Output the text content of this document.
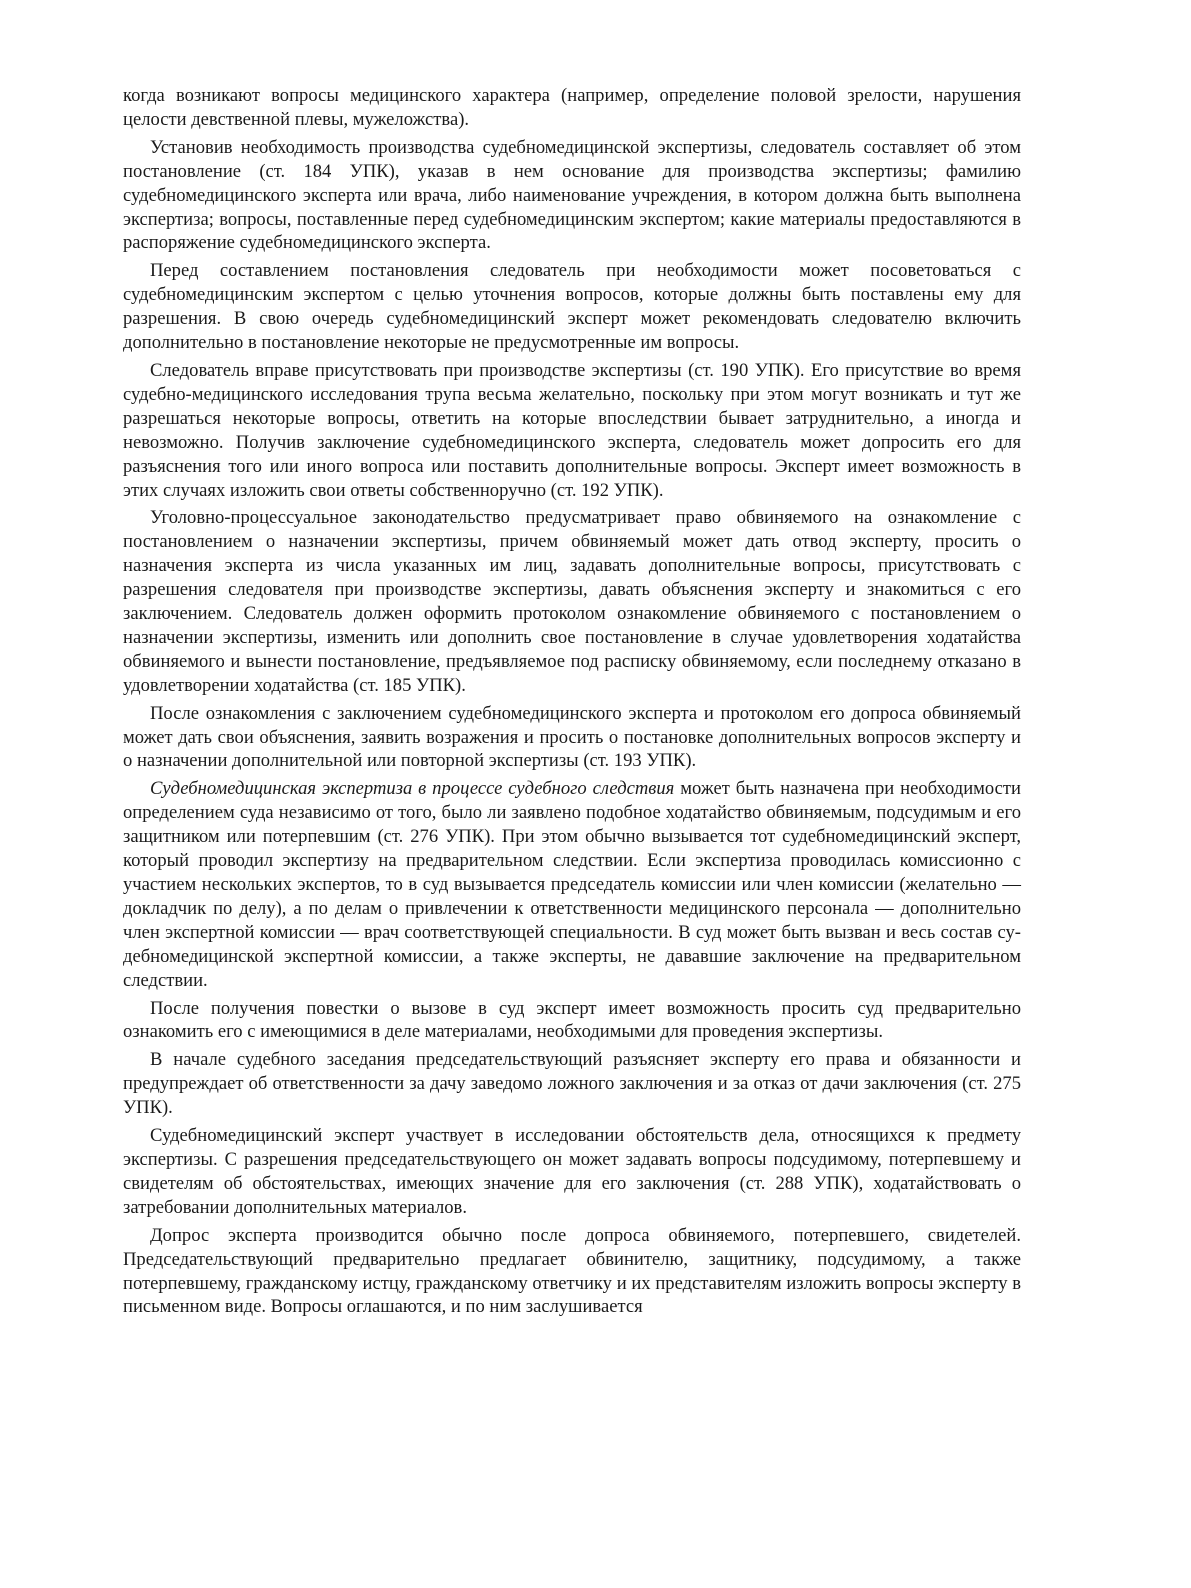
когда возникают вопросы медицинского характера (например, определение половой зрелости, нарушения целости девственной плевы, мужеложства).

Установив необходимость производства судебномедицинской экспертизы, следователь составляет об этом постановление (ст. 184 УПК), указав в нем основание для производства экспертизы; фамилию судебномедицинского эксперта или врача, либо наименование учреждения, в котором должна быть выполнена экспертиза; вопросы, поставленные перед судебномедицинским экспертом; какие материалы предоставляются в распоряжение судебномедицинского эксперта.

Перед составлением постановления следователь при необходимости может посоветоваться с судебномедицинским экспертом с целью уточнения вопросов, которые должны быть поставлены ему для разрешения. В свою очередь судебномедицинский эксперт может рекомендовать следователю включить дополнительно в постановление некоторые не предусмотренные им вопросы.

Следователь вправе присутствовать при производстве экспертизы (ст. 190 УПК). Его присутствие во время судебно-медицинского исследования трупа весьма желательно, поскольку при этом могут возникать и тут же разрешаться некоторые вопросы, ответить на которые впоследствии бывает затруднительно, а иногда и невозможно. Получив заключение судебномедицинского эксперта, следователь может допросить его для разъяснения того или иного вопроса или поставить дополнительные вопросы. Эксперт имеет возможность в этих случаях изложить свои ответы собственноручно (ст. 192 УПК).

Уголовно-процессуальное законодательство предусматривает право обвиняемого на ознакомление с постановлением о назначении экспертизы, причем обвиняемый может дать отвод эксперту, просить о назначения эксперта из числа указанных им лиц, задавать дополнительные вопросы, присутствовать с разрешения следователя при производстве экспертизы, давать объяснения эксперту и знакомиться с его заключением. Следователь должен оформить протоколом ознакомление обвиняемого с постановлением о назначении экспертизы, изменить или дополнить свое постановление в случае удовлетворения ходатайства обвиняемого и вынести постановление, предъявляемое под расписку обвиняемому, если последнему отказано в удовлетворении ходатайства (ст. 185 УПК).

После ознакомления с заключением судебномедицинского эксперта и протоколом его допроса обвиняемый может дать свои объяснения, заявить возражения и просить о постановке дополнительных вопросов эксперту и о назначении дополнительной или повторной экспертизы (ст. 193 УПК).

Судебномедицинская экспертиза в процессе судебного следствия может быть назначена при необходимости определением суда независимо от того, было ли заявлено подобное ходатайство обвиняемым, подсудимым и его защитником или потерпевшим (ст. 276 УПК). При этом обычно вызывается тот судебномедицинский эксперт, который проводил экспертизу на предварительном следствии. Если экспертиза проводилась комиссионно с участием нескольких экспертов, то в суд вызывается председатель комиссии или член комиссии (желательно — докладчик по делу), а по делам о привлечении к ответственности медицинского персонала — дополнительно член экспертной комиссии — врач соответствующей специальности. В суд может быть вызван и весь состав су-дебномедицинской экспертной комиссии, а также эксперты, не дававшие заключение на предварительном следствии.

После получения повестки о вызове в суд эксперт имеет возможность просить суд предварительно ознакомить его с имеющимися в деле материалами, необходимыми для проведения экспертизы.

В начале судебного заседания председательствующий разъясняет эксперту его права и обязанности и предупреждает об ответственности за дачу заведомо ложного заключения и за отказ от дачи заключения (ст. 275 УПК).

Судебномедицинский эксперт участвует в исследовании обстоятельств дела, относящихся к предмету экспертизы. С разрешения председательствующего он может задавать вопросы подсудимому, потерпевшему и свидетелям об обстоятельствах, имеющих значение для его заключения (ст. 288 УПК), ходатайствовать о затребовании дополнительных материалов.

Допрос эксперта производится обычно после допроса обвиняемого, потерпевшего, свидетелей. Председательствующий предварительно предлагает обвинителю, защитнику, подсудимому, а также потерпевшему, гражданскому истцу, гражданскому ответчику и их представителям изложить вопросы эксперту в письменном виде. Вопросы оглашаются, и по ним заслушивается
